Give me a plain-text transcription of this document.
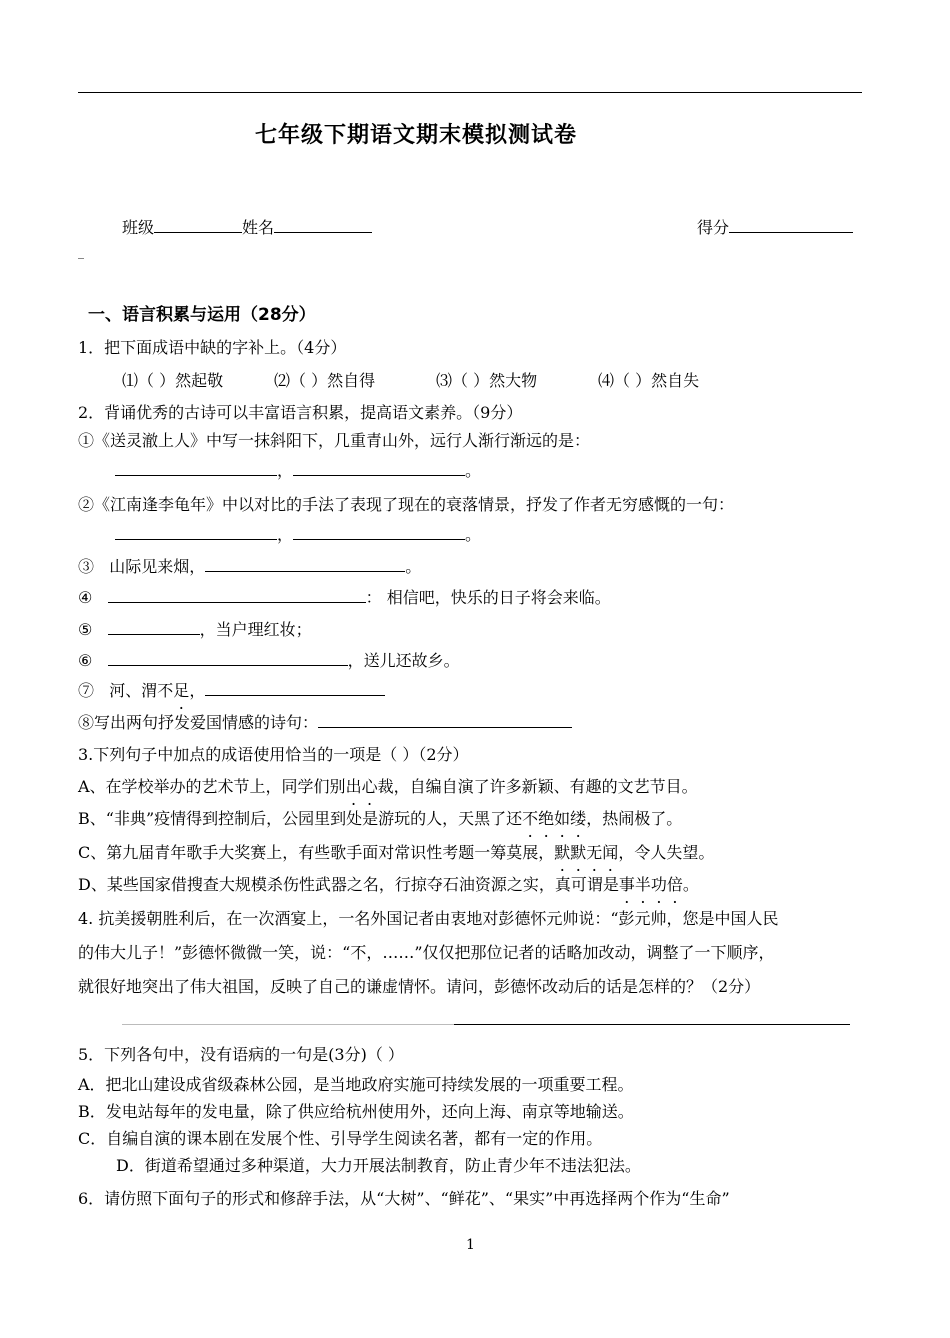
七年级下期语文期末模拟测试卷
班级	姓名	得分
_
一、语言积累与运用（28分）
1．把下面成语中缺的字补上。（4分）
⑴（ ）然起敬	⑵（ ）然自得	⑶（ ）然大物	⑷（ ）然自失
2．背诵优秀的古诗可以丰富语言积累，提高语文素养。（9分）
①《送灵澈上人》中写一抹斜阳下，几重青山外，远行人渐行渐远的是：
，	。
②《江南逢李龟年》中以对比的手法了表现了现在的衰落情景，抒发了作者无穷感慨的一句：
，	。
③ 山际见来烟，	。
④	： 相信吧，快乐的日子将会来临。
⑤	，当户理红妆；
⑥	，送儿还故乡。
⑦ 河、渭不足，
⑧写出两句抒发爱国情感的诗句：
3.下列句子中加点的成语使用恰当的一项是（ ）（2分）
A、在学校举办的艺术节上，同学们别出心裁，自编自演了许多新颖、有趣的文艺节目。
B、“非典”疫情得到控制后，公园里到处是游玩的人，天黑了还不绝如缕，热闹极了。
C、第九届青年歌手大奖赛上，有些歌手面对常识性考题一筹莫展，默默无闻，令人失望。
D、某些国家借搜查大规模杀伤性武器之名，行掠夺石油资源之实，真可谓是事半功倍。
4. 抗美援朝胜利后，在一次酒宴上，一名外国记者由衷地对彭德怀元帅说：“彭元帅，您是中国人民
的伟大儿子！”彭德怀微微一笑，说：“不，……”仅仅把那位记者的话略加改动，调整了一下顺序，
就很好地突出了伟大祖国，反映了自己的谦虚情怀。请问，彭德怀改动后的话是怎样的？（2分）
5．下列各句中，没有语病的一句是(3分)（ ）
A．把北山建设成省级森林公园，是当地政府实施可持续发展的一项重要工程。
B．发电站每年的发电量，除了供应给杭州使用外，还向上海、南京等地输送。
C．自编自演的课本剧在发展个性、引导学生阅读名著，都有一定的作用。
D．街道希望通过多种渠道，大力开展法制教育，防止青少年不违法犯法。
6．请仿照下面句子的形式和修辞手法，从“大树”、“鲜花”、“果实”中再选择两个作为“生命”
1
